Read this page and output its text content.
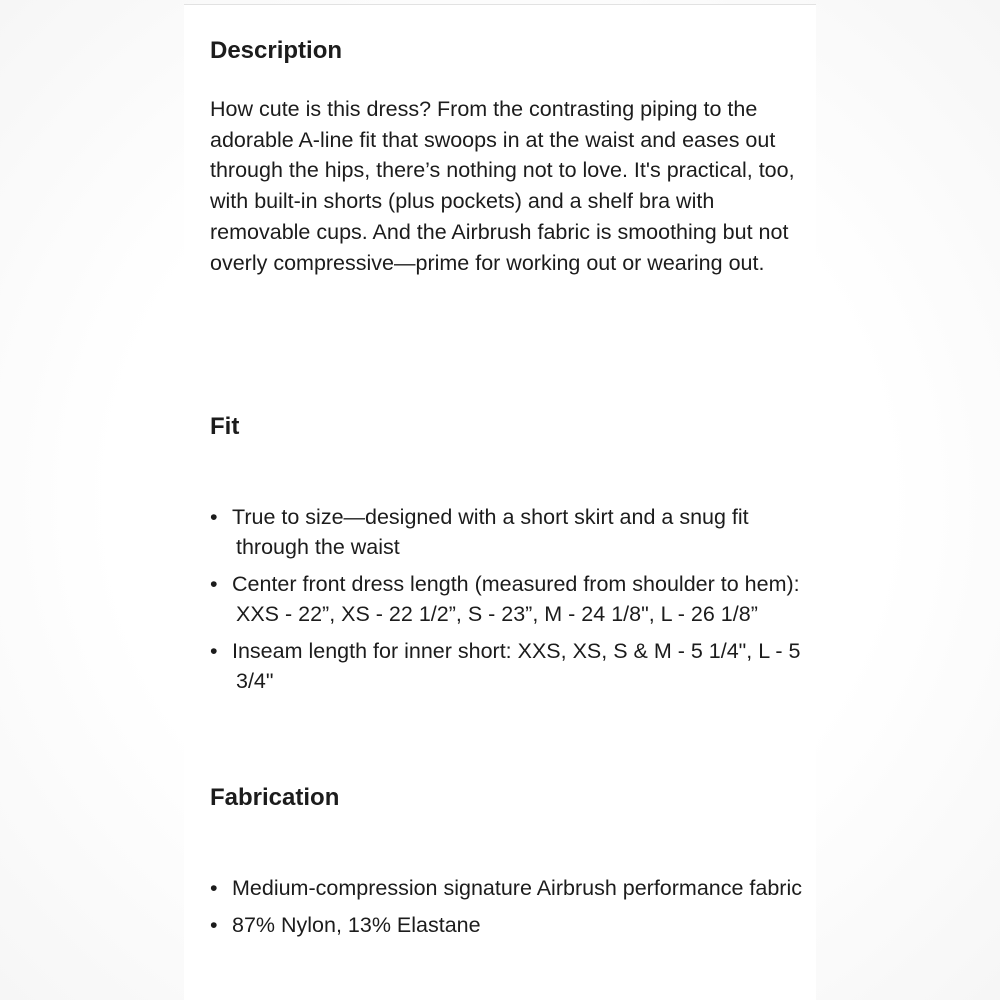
Description

How cute is this dress? From the contrasting piping to the adorable A-line fit that swoops in at the waist and eases out through the hips, there’s nothing not to love. It's practical, too, with built-in shorts (plus pockets) and a shelf bra with removable cups. And the Airbrush fabric is smoothing but not overly compressive—prime for working out or wearing out.

Fit
• True to size—designed with a short skirt and a snug fit through the waist
• Center front dress length (measured from shoulder to hem): XXS - 22”, XS - 22 1/2”, S - 23”, M - 24 1/8", L - 26 1/8”
• Inseam length for inner short: XXS, XS, S & M - 5 1/4", L - 5 3/4"
Fabrication
• Medium-compression signature Airbrush performance fabric
• 87% Nylon, 13% Elastane
